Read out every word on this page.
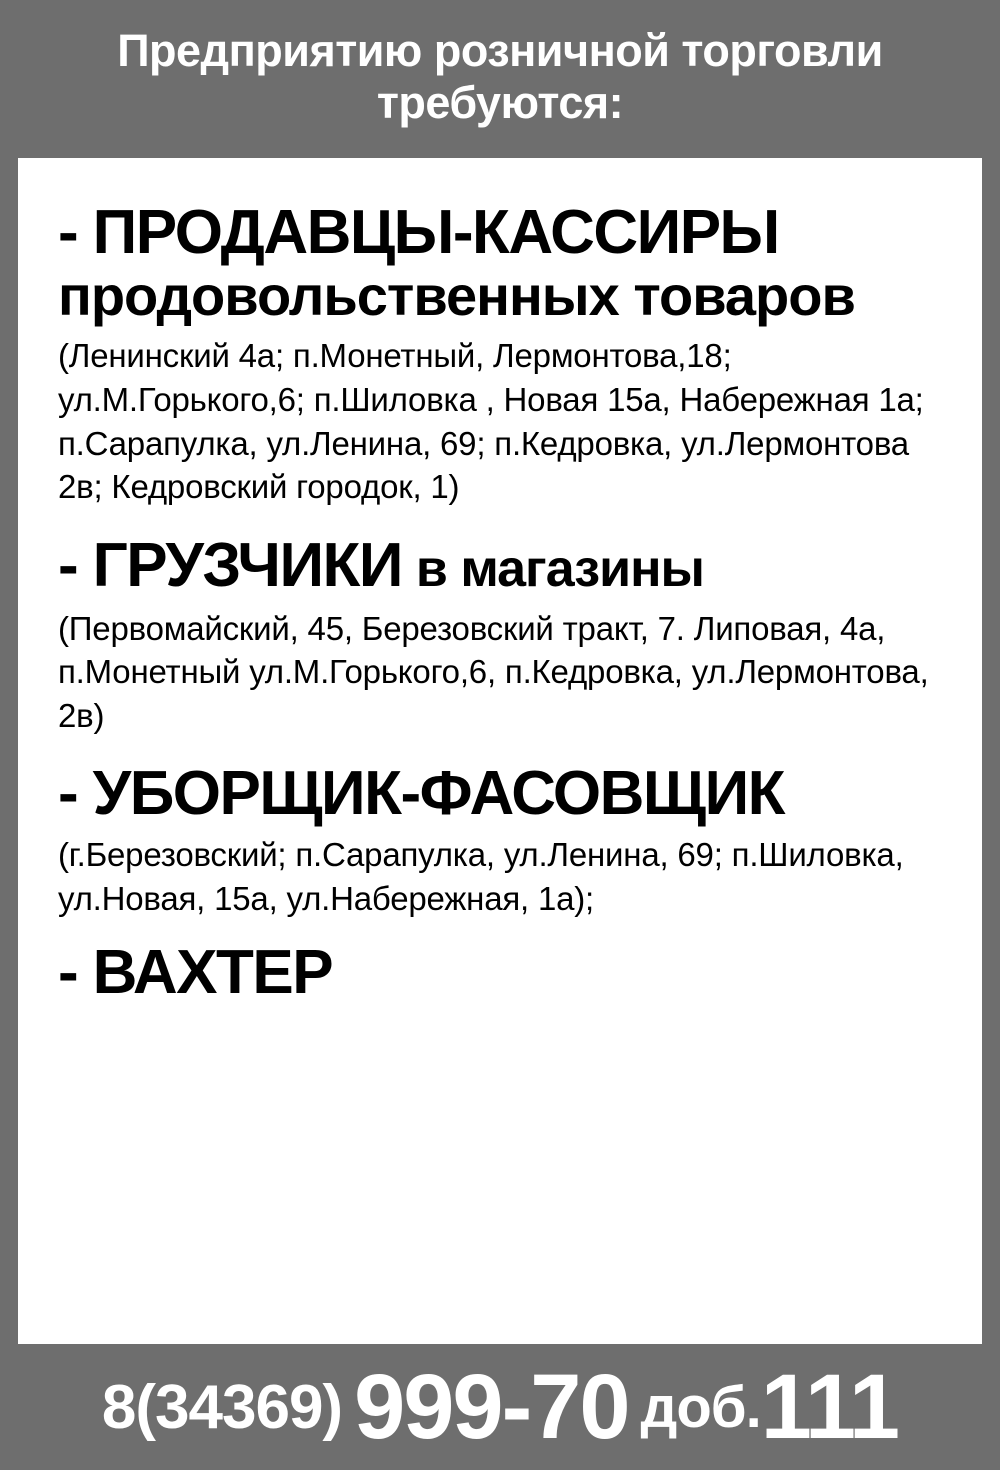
Предприятию розничной торговли
требуются:
- ПРОДАВЦЫ-КАССИРЫ
продовольственных товаров
(Ленинский 4а; п.Монетный, Лермонтова,18; ул.М.Горького,6; п.Шиловка , Новая 15а, Набережная 1а; п.Сарапулка, ул.Ленина, 69; п.Кедровка, ул.Лермонтова 2в; Кедровский городок, 1)
- ГРУЗЧИКИ в магазины
(Первомайский, 45, Березовский тракт, 7. Липовая, 4а, п.Монетный ул.М.Горького,6, п.Кедровка, ул.Лермонтова, 2в)
- УБОРЩИК-ФАСОВЩИК
(г.Березовский; п.Сарапулка, ул.Ленина, 69; п.Шиловка, ул.Новая, 15а, ул.Набережная, 1а);
- ВАХТЕР
8(34369) 999-70 доб. 111
